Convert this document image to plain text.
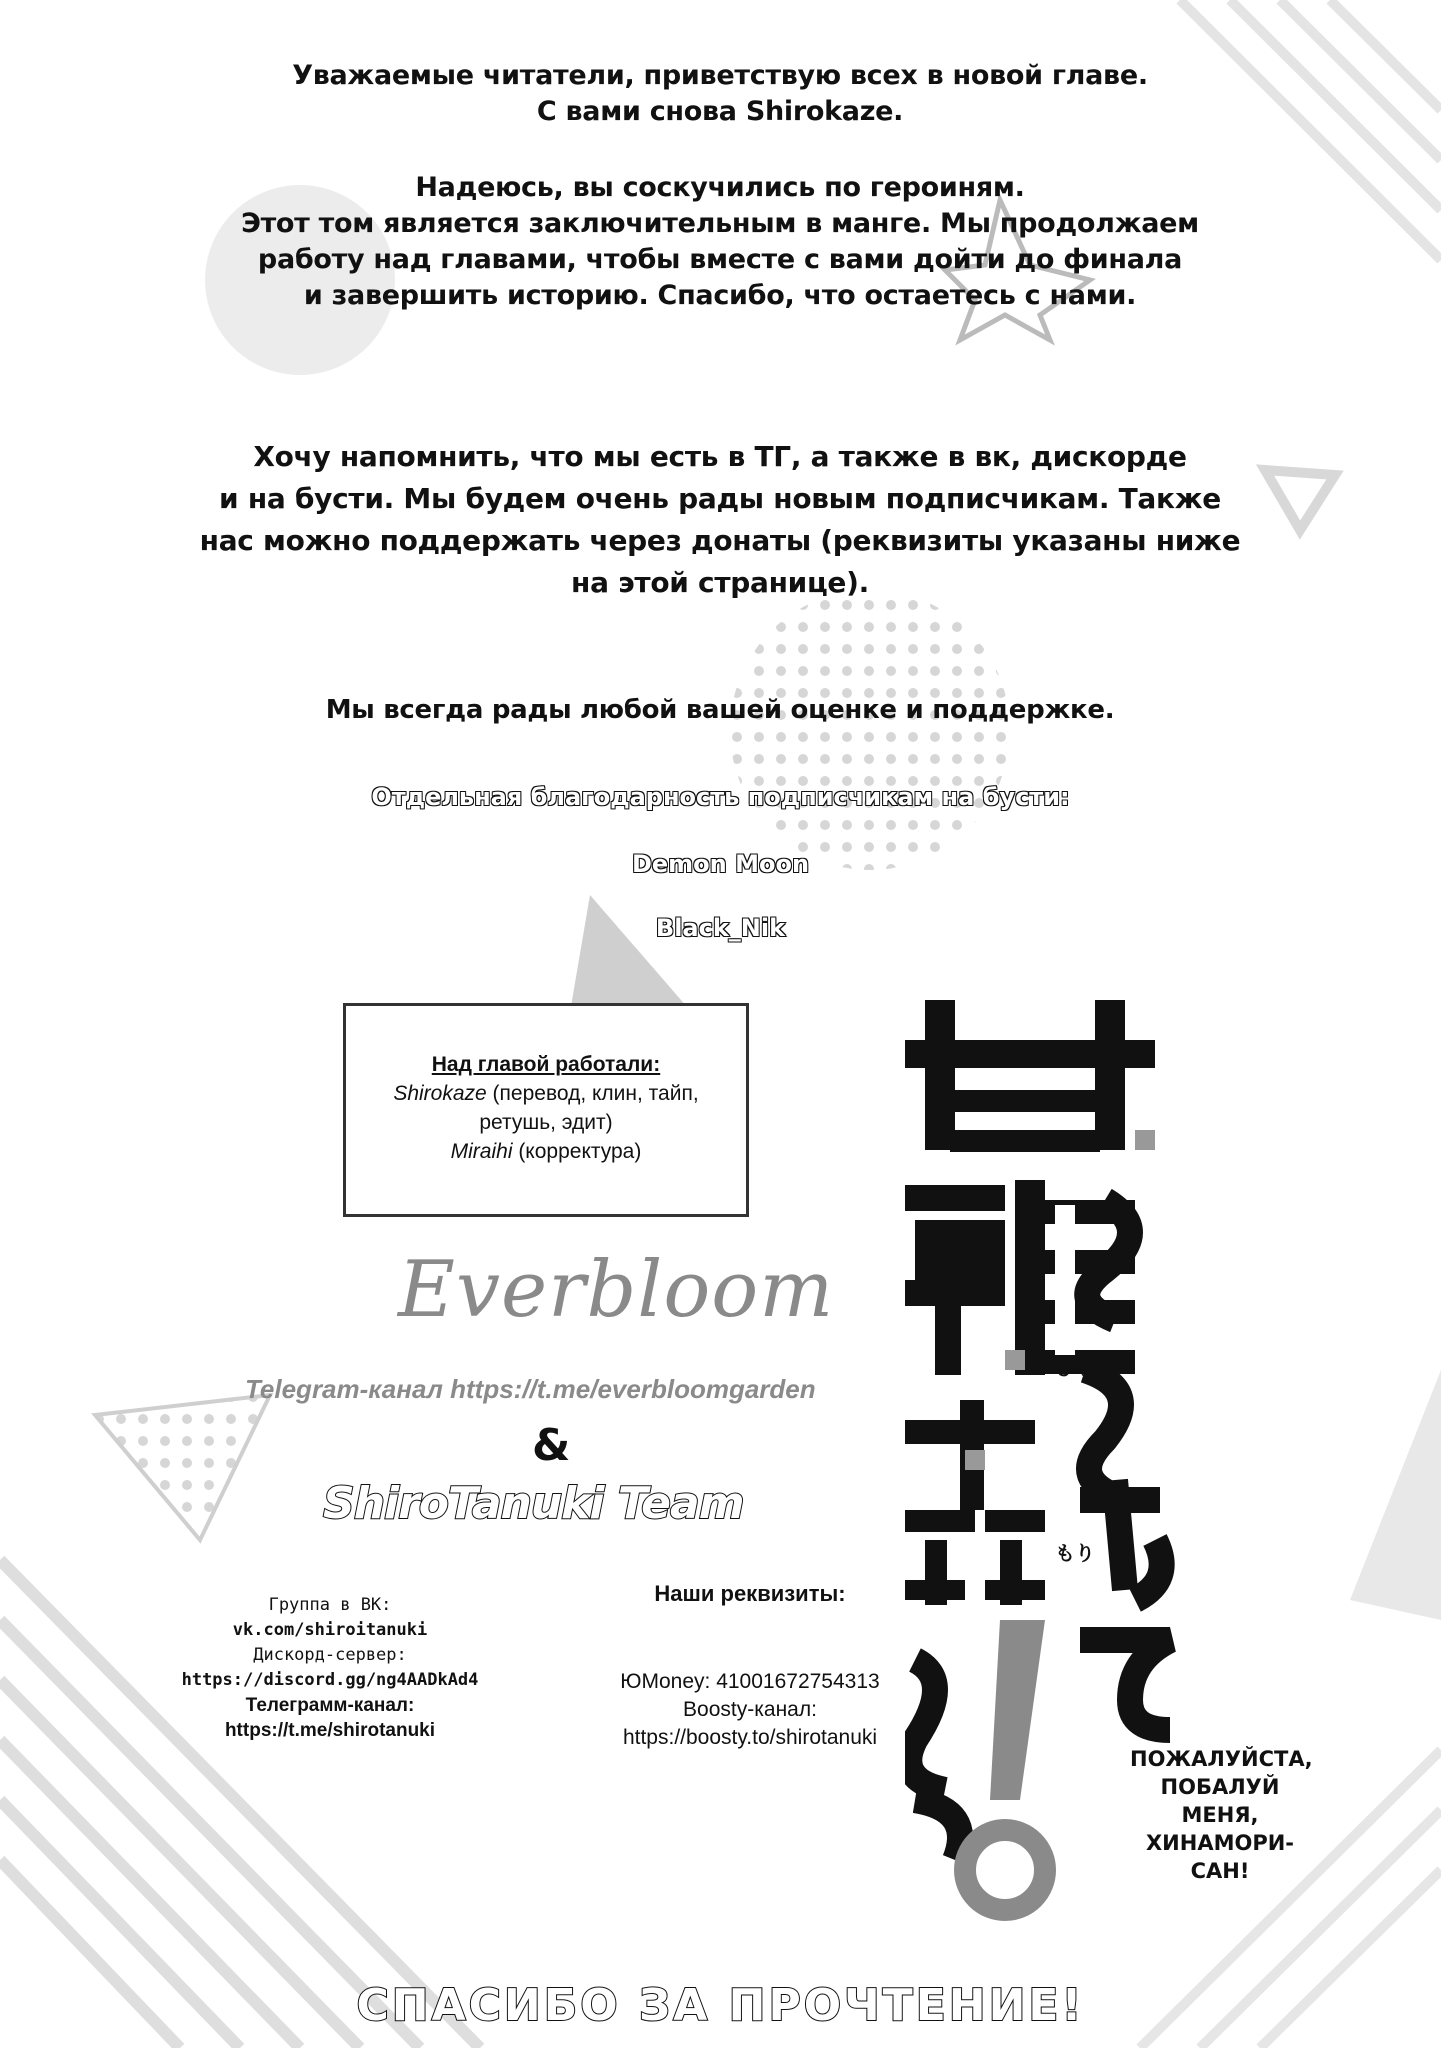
Уважаемые читатели, приветствую всех в новой главе.

С вами снова Shirokaze.

Надеюсь, вы соскучились по героиням.

Этот том является заключительным в манге. Мы продолжаем

работу над главами, чтобы вместе с вами дойти до финала

и завершить историю. Спасибо, что остаетесь с нами.

Хочу напомнить, что мы есть в ТГ, а также в вк, дискорде

и на бусти. Мы будем очень рады новым подписчикам. Также

нас можно поддержать через донаты (реквизиты указаны ниже

на этой странице).

Мы всегда рады любой вашей оценке и поддержке.

Отдельная благодарность подписчикам на бусти:
Demon Moon
Black_Nik
Над главой работали:
Shirokaze (перевод, клин, тайп,
ретушь, эдит)
Miraihi (корректура)
Everbloom
Telegram-канал https://t.me/everbloomgarden
&
ShiroTanuki Team
Группа в ВК:
vk.com/shiroitanuki
Дискорд-сервер:
https://discord.gg/ng4AADkAd4
Телеграмм-канал:
https://t.me/shirotanuki
Наши реквизиты:
ЮMoney: 41001672754313
Boosty-канал:
https://boosty.to/shirotanuki
ひな
もり
ПОЖАЛУЙСТА,
ПОБАЛУЙ
МЕНЯ,
ХИНАМОРИ-
САН!
СПАСИБО ЗА ПРОЧТЕНИЕ!
